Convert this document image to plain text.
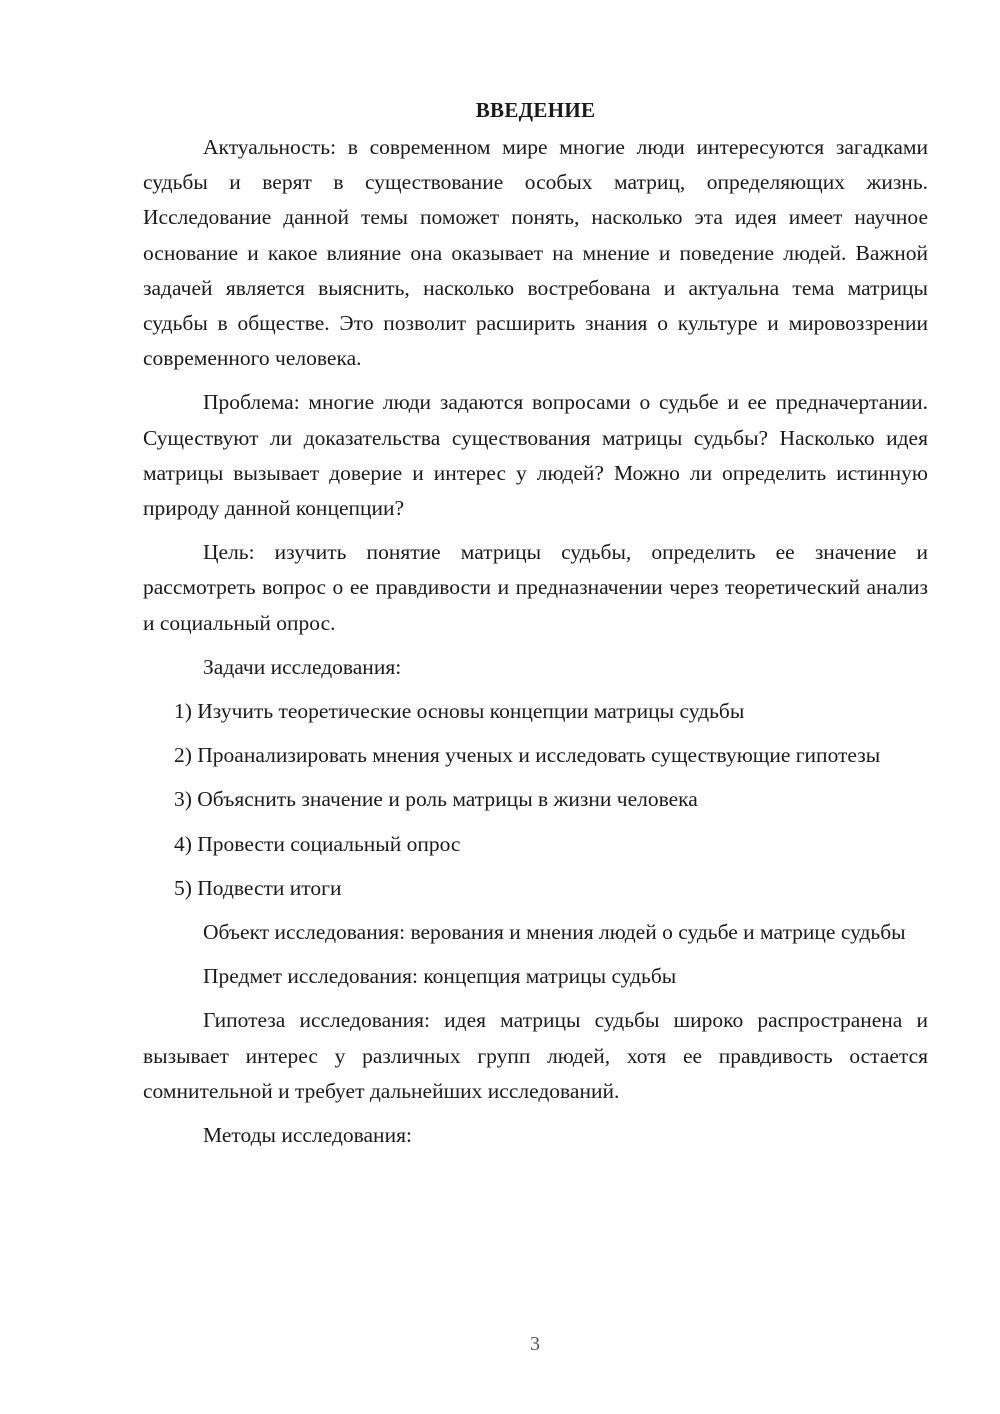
ВВЕДЕНИЕ

Актуальность: в современном мире многие люди интересуются загадками судьбы и верят в существование особых матриц, определяющих жизнь. Исследование данной темы поможет понять, насколько эта идея имеет научное основание и какое влияние она оказывает на мнение и поведение людей. Важной задачей является выяснить, насколько востребована и актуальна тема матрицы судьбы в обществе. Это позволит расширить знания о культуре и мировоззрении современного человека.

Проблема: многие люди задаются вопросами о судьбе и ее предначертании. Существуют ли доказательства существования матрицы судьбы? Насколько идея матрицы вызывает доверие и интерес у людей? Можно ли определить истинную природу данной концепции?

Цель: изучить понятие матрицы судьбы, определить ее значение и рассмотреть вопрос о ее правдивости и предназначении через теоретический анализ и социальный опрос.

Задачи исследования:

1) Изучить теоретические основы концепции матрицы судьбы

2) Проанализировать мнения ученых и исследовать существующие гипотезы

3) Объяснить значение и роль матрицы в жизни человека

4) Провести социальный опрос

5) Подвести итоги

Объект исследования: верования и мнения людей о судьбе и матрице судьбы

Предмет исследования: концепция матрицы судьбы

Гипотеза исследования: идея матрицы судьбы широко распространена и вызывает интерес у различных групп людей, хотя ее правдивость остается сомнительной и требует дальнейших исследований.

Методы исследования:

3
